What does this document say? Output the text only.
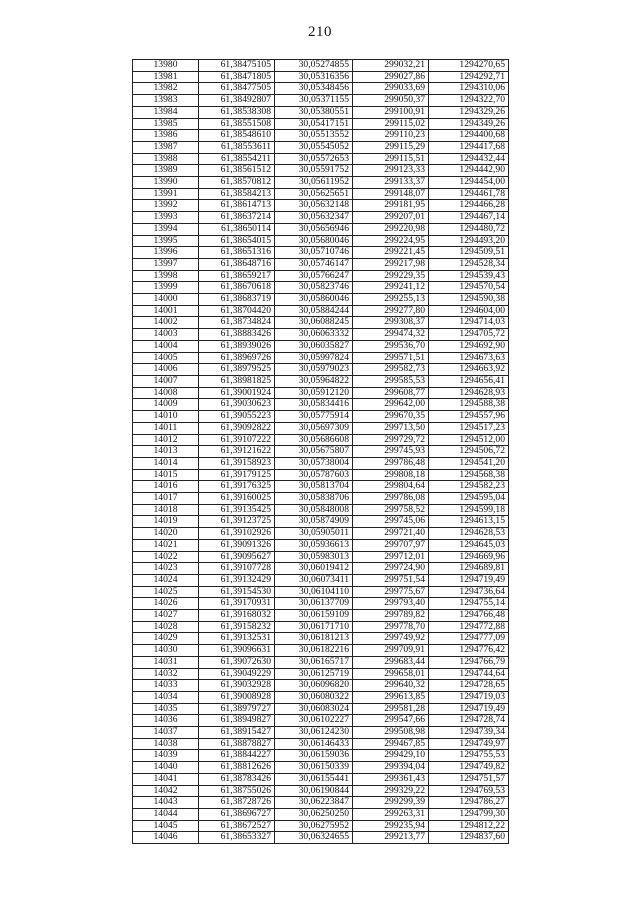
210
13980	61,38475105	30,05274855	299032,21	1294270,65
13981	61,38471805	30,05316356	299027,86	1294292,71
13982	61,38477505	30,05348456	299033,69	1294310,06
13983	61,38492807	30,05371155	299050,37	1294322,70
13984	61,38538308	30,05380551	299100,91	1294329,26
13985	61,38551508	30,05417151	299115,02	1294349,26
13986	61,38548610	30,05513552	299110,23	1294400,68
13987	61,38553611	30,05545052	299115,29	1294417,68
13988	61,38554211	30,05572653	299115,51	1294432,44
13989	61,38561512	30,05591752	299123,33	1294442,90
13990	61,38570812	30,05611952	299133,37	1294454,00
13991	61,38584213	30,05625651	299148,07	1294461,78
13992	61,38614713	30,05632148	299181,95	1294466,28
13993	61,38637214	30,05632347	299207,01	1294467,14
13994	61,38650114	30,05656946	299220,98	1294480,72
13995	61,38654015	30,05680046	299224,95	1294493,20
13996	61,38651316	30,05710746	299221,45	1294509,51
13997	61,38648716	30,05746147	299217,98	1294528,34
13998	61,38659217	30,05766247	299229,35	1294539,43
13999	61,38670618	30,05823746	299241,12	1294570,54
14000	61,38683719	30,05860046	299255,13	1294590,38
14001	61,38704420	30,05884244	299277,80	1294604,00
14002	61,38734824	30,06088245	299308,37	1294714,03
14003	61,38883426	30,06063332	299474,32	1294705,72
14004	61,38939026	30,06035827	299536,70	1294692,90
14005	61,38969726	30,05997824	299571,51	1294673,63
14006	61,38979525	30,05979023	299582,73	1294663,92
14007	61,38981825	30,05964822	299585,53	1294656,41
14008	61,39001924	30,05912120	299608,77	1294628,93
14009	61,39030623	30,05834416	299642,00	1294588,38
14010	61,39055223	30,05775914	299670,35	1294557,96
14011	61,39092822	30,05697309	299713,50	1294517,23
14012	61,39107222	30,05686608	299729,72	1294512,00
14013	61,39121622	30,05675807	299745,93	1294506,72
14014	61,39158923	30,05738004	299786,48	1294541,20
14015	61,39179125	30,05787603	299808,18	1294568,38
14016	61,39176325	30,05813704	299804,64	1294582,23
14017	61,39160025	30,05838706	299786,08	1294595,04
14018	61,39135425	30,05848008	299758,52	1294599,18
14019	61,39123725	30,05874909	299745,06	1294613,15
14020	61,39102926	30,05905011	299721,40	1294628,53
14021	61,39091326	30,05936613	299707,97	1294645,03
14022	61,39095627	30,05983013	299712,01	1294669,96
14023	61,39107728	30,06019412	299724,90	1294689,81
14024	61,39132429	30,06073411	299751,54	1294719,49
14025	61,39154530	30,06104110	299775,67	1294736,64
14026	61,39170931	30,06137709	299793,40	1294755,14
14027	61,39168032	30,06159109	299789,82	1294766,48
14028	61,39158232	30,06171710	299778,70	1294772,88
14029	61,39132531	30,06181213	299749,92	1294777,09
14030	61,39096631	30,06182216	299709,91	1294776,42
14031	61,39072630	30,06165717	299683,44	1294766,79
14032	61,39049229	30,06125719	299658,01	1294744,64
14033	61,39032928	30,06096820	299640,32	1294728,65
14034	61,39008928	30,06080322	299613,85	1294719,03
14035	61,38979727	30,06083024	299581,28	1294719,49
14036	61,38949827	30,06102227	299547,66	1294728,74
14037	61,38915427	30,06124230	299508,98	1294739,34
14038	61,38878827	30,06146433	299467,85	1294749,97
14039	61,38844227	30,06159036	299429,10	1294755,53
14040	61,38812626	30,06150339	299394,04	1294749,82
14041	61,38783426	30,06155441	299361,43	1294751,57
14042	61,38755026	30,06190844	299329,22	1294769,53
14043	61,38728726	30,06223847	299299,39	1294786,27
14044	61,38696727	30,06250250	299263,31	1294799,30
14045	61,38672527	30,06275952	299235,94	1294812,22
14046	61,38653327	30,06324655	299213,77	1294837,60
